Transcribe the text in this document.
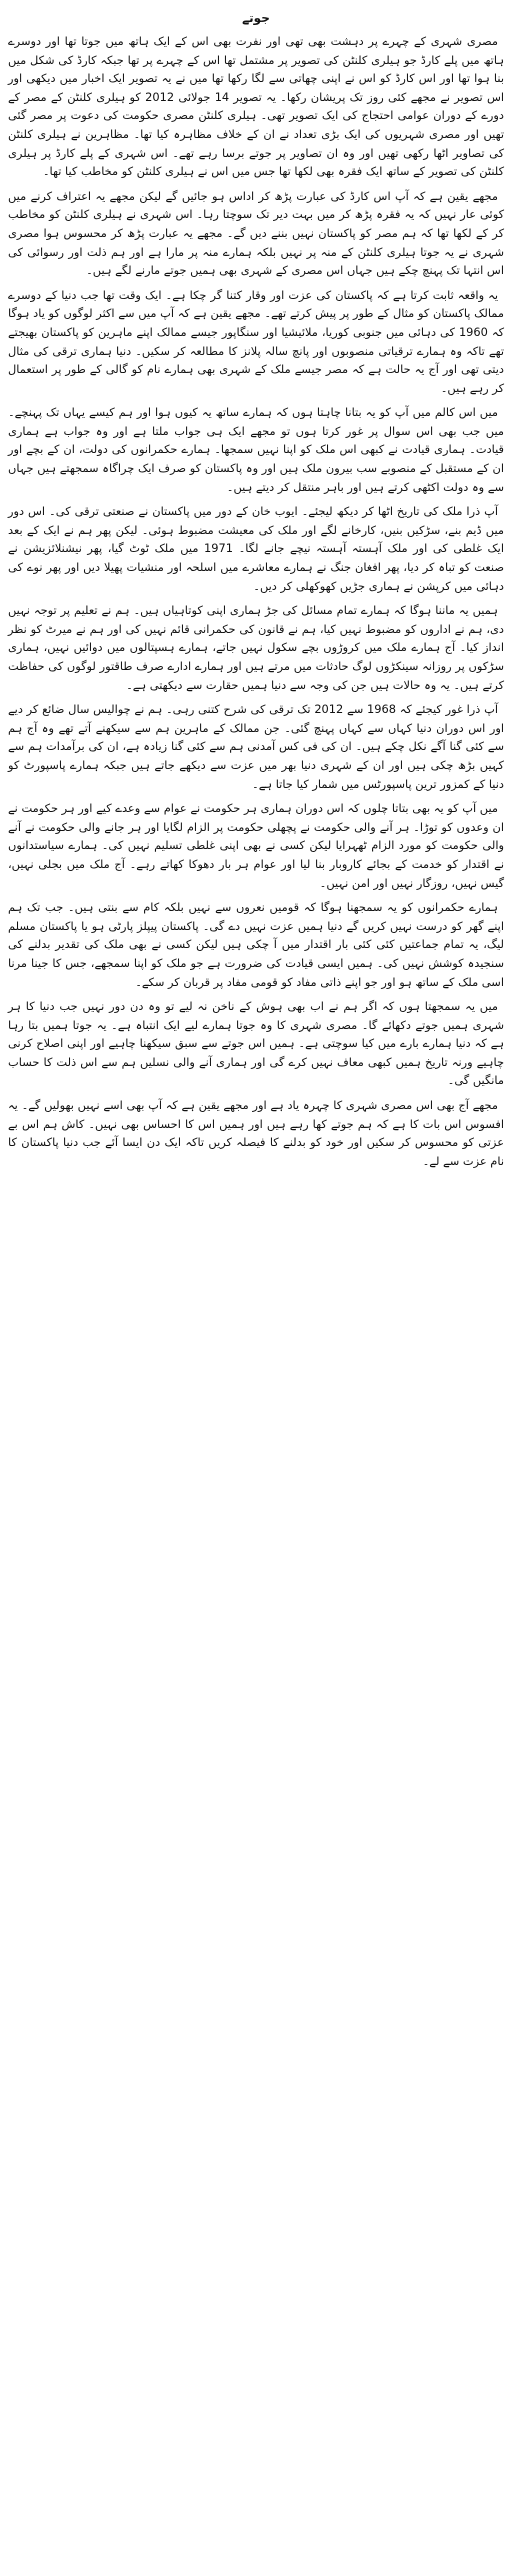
جوتے

مصری شہری کے چہرے پر دہشت بھی تھی اور نفرت بھی اس کے ایک ہاتھ میں جوتا تھا اور دوسرے ہاتھ میں پلے کارڈ جو ہیلری کلنٹن کی تصویر پر مشتمل تھا اس کے چہرے پر تھا جبکہ کارڈ کی شکل میں بنا ہوا تھا اور اس کارڈ کو اس نے اپنی چھاتی سے لگا رکھا تھا میں نے یہ تصویر ایک اخبار میں دیکھی اور اس تصویر نے مجھے کئی روز تک پریشان رکھا۔ یہ تصویر 14 جولائی 2012 کو ہیلری کلنٹن کے مصر کے دورے کے دوران عوامی احتجاج کی ایک تصویر تھی۔ ہیلری کلنٹن مصری حکومت کی دعوت پر مصر گئی تھیں اور مصری شہریوں کی ایک بڑی تعداد نے ان کے خلاف مظاہرہ کیا تھا۔ مظاہرین نے ہیلری کلنٹن کی تصاویر اٹھا رکھی تھیں اور وہ ان تصاویر پر جوتے برسا رہے تھے۔ اس شہری کے پلے کارڈ پر ہیلری کلنٹن کی تصویر کے ساتھ ایک فقرہ بھی لکھا تھا جس میں اس نے ہیلری کلنٹن کو مخاطب کیا تھا۔

مجھے یقین ہے کہ آپ اس کارڈ کی عبارت پڑھ کر اداس ہو جائیں گے لیکن مجھے یہ اعتراف کرنے میں کوئی عار نہیں کہ یہ فقرہ پڑھ کر میں بہت دیر تک سوچتا رہا۔ اس شہری نے ہیلری کلنٹن کو مخاطب کر کے لکھا تھا کہ ہم مصر کو پاکستان نہیں بننے دیں گے۔ مجھے یہ عبارت پڑھ کر محسوس ہوا مصری شہری نے یہ جوتا ہیلری کلنٹن کے منہ پر نہیں بلکہ ہمارے منہ پر مارا ہے اور ہم ذلت اور رسوائی کی اس انتہا تک پہنچ چکے ہیں جہاں اس مصری کے شہری بھی ہمیں جوتے مارنے لگے ہیں۔

یہ واقعہ ثابت کرتا ہے کہ پاکستان کی عزت اور وقار کتنا گر چکا ہے۔ ایک وقت تھا جب دنیا کے دوسرے ممالک پاکستان کو مثال کے طور پر پیش کرتے تھے۔ مجھے یقین ہے کہ آپ میں سے اکثر لوگوں کو یاد ہوگا کہ 1960 کی دہائی میں جنوبی کوریا، ملائیشیا اور سنگاپور جیسے ممالک اپنے ماہرین کو پاکستان بھیجتے تھے تاکہ وہ ہمارے ترقیاتی منصوبوں اور پانچ سالہ پلانز کا مطالعہ کر سکیں۔ دنیا ہماری ترقی کی مثال دیتی تھی اور آج یہ حالت ہے کہ مصر جیسے ملک کے شہری بھی ہمارے نام کو گالی کے طور پر استعمال کر رہے ہیں۔

میں اس کالم میں آپ کو یہ بتانا چاہتا ہوں کہ ہمارے ساتھ یہ کیوں ہوا اور ہم کیسے یہاں تک پہنچے۔ میں جب بھی اس سوال پر غور کرتا ہوں تو مجھے ایک ہی جواب ملتا ہے اور وہ جواب ہے ہماری قیادت۔ ہماری قیادت نے کبھی اس ملک کو اپنا نہیں سمجھا۔ ہمارے حکمرانوں کی دولت، ان کے بچے اور ان کے مستقبل کے منصوبے سب بیرون ملک ہیں اور وہ پاکستان کو صرف ایک چراگاہ سمجھتے ہیں جہاں سے وہ دولت اکٹھی کرتے ہیں اور باہر منتقل کر دیتے ہیں۔

آپ ذرا ملک کی تاریخ اٹھا کر دیکھ لیجئے۔ ایوب خان کے دور میں پاکستان نے صنعتی ترقی کی۔ اس دور میں ڈیم بنے، سڑکیں بنیں، کارخانے لگے اور ملک کی معیشت مضبوط ہوئی۔ لیکن پھر ہم نے ایک کے بعد ایک غلطی کی اور ملک آہستہ آہستہ نیچے جانے لگا۔ 1971 میں ملک ٹوٹ گیا، پھر نیشنلائزیشن نے صنعت کو تباہ کر دیا، پھر افغان جنگ نے ہمارے معاشرے میں اسلحہ اور منشیات پھیلا دیں اور پھر نوے کی دہائی میں کرپشن نے ہماری جڑیں کھوکھلی کر دیں۔

ہمیں یہ ماننا ہوگا کہ ہمارے تمام مسائل کی جڑ ہماری اپنی کوتاہیاں ہیں۔ ہم نے تعلیم پر توجہ نہیں دی، ہم نے اداروں کو مضبوط نہیں کیا، ہم نے قانون کی حکمرانی قائم نہیں کی اور ہم نے میرٹ کو نظر انداز کیا۔ آج ہمارے ملک میں کروڑوں بچے سکول نہیں جاتے، ہمارے ہسپتالوں میں دوائیں نہیں، ہماری سڑکوں پر روزانہ سینکڑوں لوگ حادثات میں مرتے ہیں اور ہمارے ادارے صرف طاقتور لوگوں کی حفاظت کرتے ہیں۔ یہ وہ حالات ہیں جن کی وجہ سے دنیا ہمیں حقارت سے دیکھتی ہے۔

آپ ذرا غور کیجئے کہ 1968 سے 2012 تک ترقی کی شرح کتنی رہی۔ ہم نے چوالیس سال ضائع کر دیے اور اس دوران دنیا کہاں سے کہاں پہنچ گئی۔ جن ممالک کے ماہرین ہم سے سیکھنے آتے تھے وہ آج ہم سے کئی گنا آگے نکل چکے ہیں۔ ان کی فی کس آمدنی ہم سے کئی گنا زیادہ ہے، ان کی برآمدات ہم سے کہیں بڑھ چکی ہیں اور ان کے شہری دنیا بھر میں عزت سے دیکھے جاتے ہیں جبکہ ہمارے پاسپورٹ کو دنیا کے کمزور ترین پاسپورٹس میں شمار کیا جاتا ہے۔

میں آپ کو یہ بھی بتاتا چلوں کہ اس دوران ہماری ہر حکومت نے عوام سے وعدے کیے اور ہر حکومت نے ان وعدوں کو توڑا۔ ہر آنے والی حکومت نے پچھلی حکومت پر الزام لگایا اور ہر جانے والی حکومت نے آنے والی حکومت کو مورد الزام ٹھہرایا لیکن کسی نے بھی اپنی غلطی تسلیم نہیں کی۔ ہمارے سیاستدانوں نے اقتدار کو خدمت کے بجائے کاروبار بنا لیا اور عوام ہر بار دھوکا کھاتے رہے۔ آج ملک میں بجلی نہیں، گیس نہیں، روزگار نہیں اور امن نہیں۔

ہمارے حکمرانوں کو یہ سمجھنا ہوگا کہ قومیں نعروں سے نہیں بلکہ کام سے بنتی ہیں۔ جب تک ہم اپنے گھر کو درست نہیں کریں گے دنیا ہمیں عزت نہیں دے گی۔ پاکستان پیپلز پارٹی ہو یا پاکستان مسلم لیگ، یہ تمام جماعتیں کئی کئی بار اقتدار میں آ چکی ہیں لیکن کسی نے بھی ملک کی تقدیر بدلنے کی سنجیدہ کوشش نہیں کی۔ ہمیں ایسی قیادت کی ضرورت ہے جو ملک کو اپنا سمجھے، جس کا جینا مرنا اسی ملک کے ساتھ ہو اور جو اپنے ذاتی مفاد کو قومی مفاد پر قربان کر سکے۔

میں یہ سمجھتا ہوں کہ اگر ہم نے اب بھی ہوش کے ناخن نہ لیے تو وہ دن دور نہیں جب دنیا کا ہر شہری ہمیں جوتے دکھائے گا۔ مصری شہری کا وہ جوتا ہمارے لیے ایک انتباہ ہے۔ یہ جوتا ہمیں بتا رہا ہے کہ دنیا ہمارے بارے میں کیا سوچتی ہے۔ ہمیں اس جوتے سے سبق سیکھنا چاہیے اور اپنی اصلاح کرنی چاہیے ورنہ تاریخ ہمیں کبھی معاف نہیں کرے گی اور ہماری آنے والی نسلیں ہم سے اس ذلت کا حساب مانگیں گی۔

مجھے آج بھی اس مصری شہری کا چہرہ یاد ہے اور مجھے یقین ہے کہ آپ بھی اسے نہیں بھولیں گے۔ یہ افسوس اس بات کا ہے کہ ہم جوتے کھا رہے ہیں اور ہمیں اس کا احساس بھی نہیں۔ کاش ہم اس بے عزتی کو محسوس کر سکیں اور خود کو بدلنے کا فیصلہ کریں تاکہ ایک دن ایسا آئے جب دنیا پاکستان کا نام عزت سے لے۔
